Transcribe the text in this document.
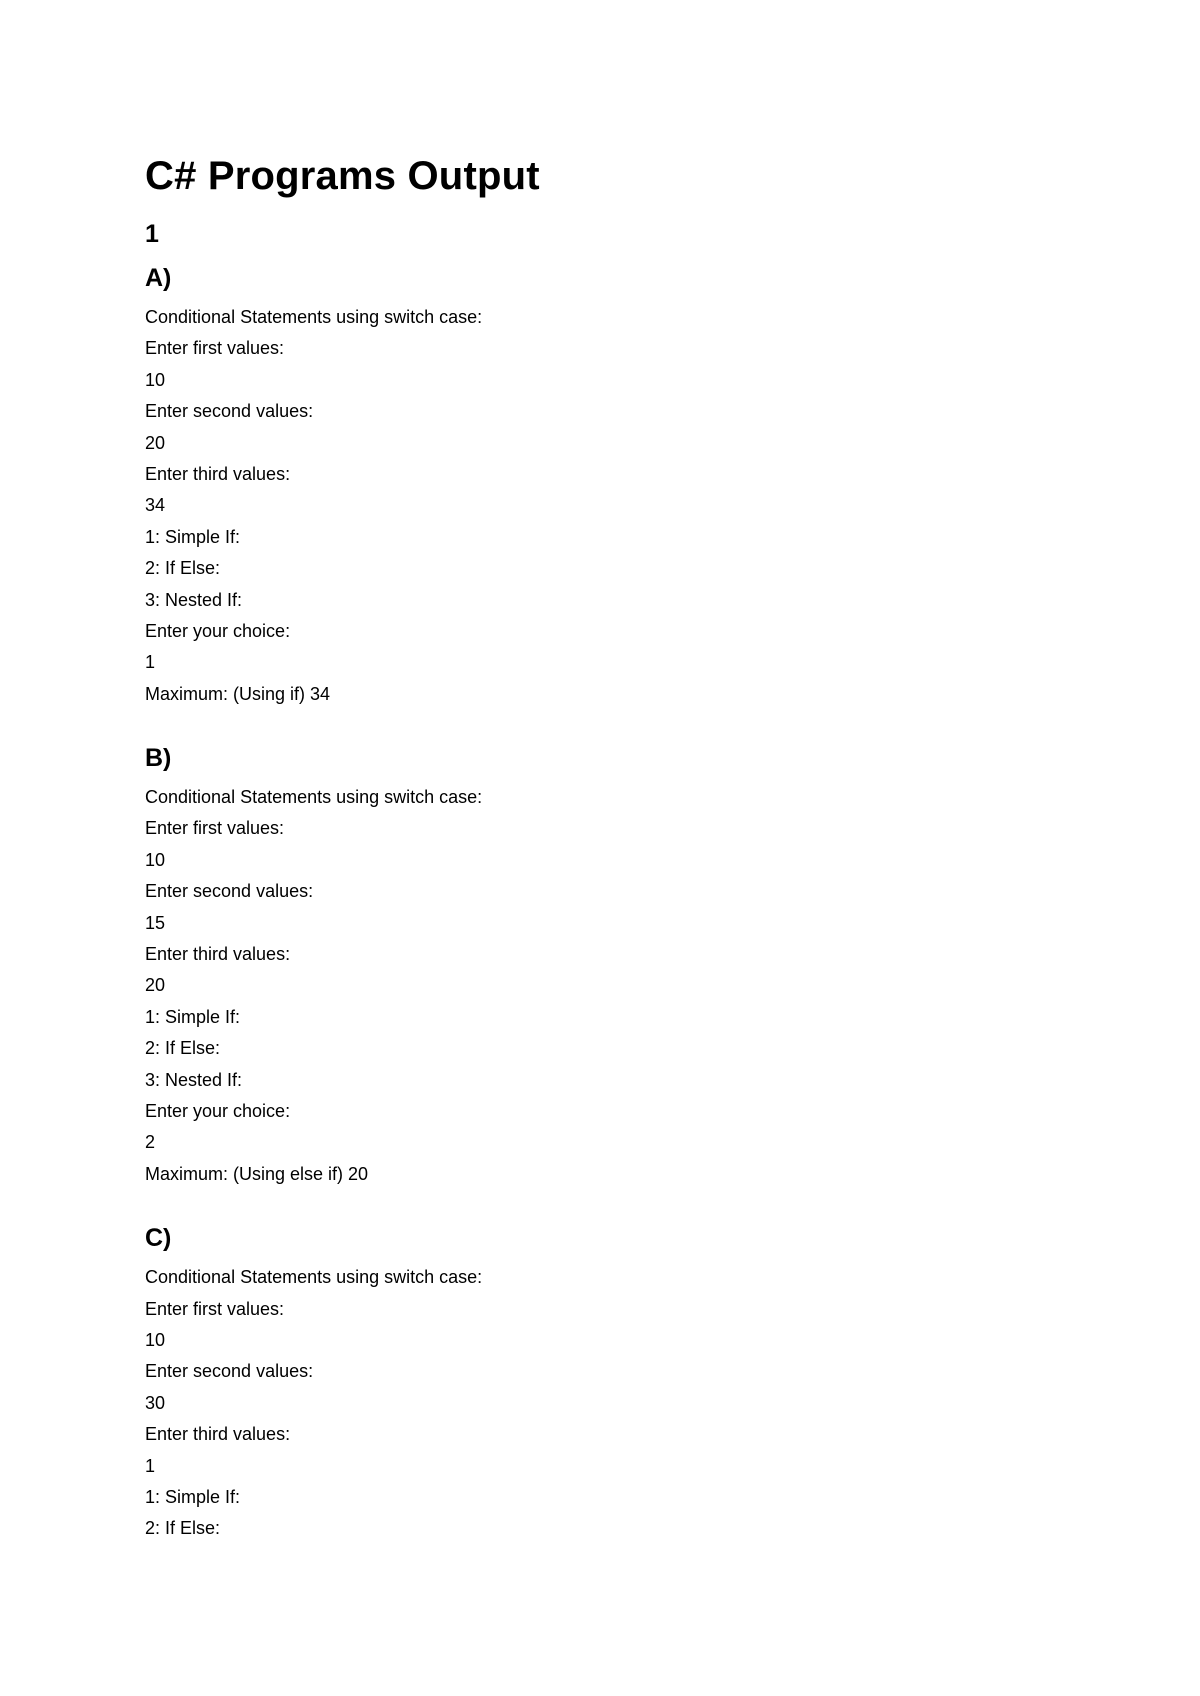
C# Programs Output
1
A)
Conditional Statements using switch case:
Enter first values:
10
Enter second values:
20
Enter third values:
34
1: Simple If:
2: If Else:
3: Nested If:
Enter your choice:
1
Maximum: (Using if) 34
B)
Conditional Statements using switch case:
Enter first values:
10
Enter second values:
15
Enter third values:
20
1: Simple If:
2: If Else:
3: Nested If:
Enter your choice:
2
Maximum: (Using else if) 20
C)
Conditional Statements using switch case:
Enter first values:
10
Enter second values:
30
Enter third values:
1
1: Simple If:
2: If Else:
